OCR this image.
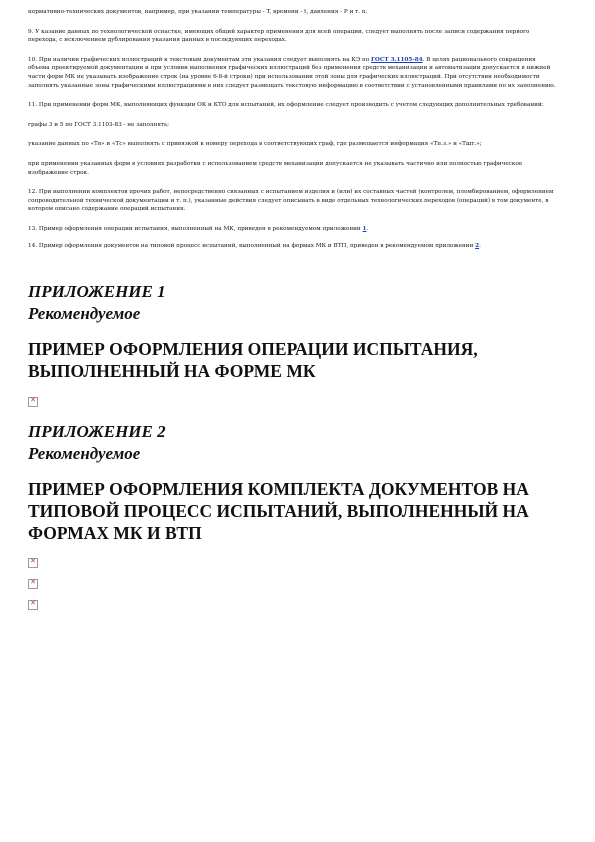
нормативно-технических документов, например, при указании температуры - T, времени - t, давления - P и т. п.

9. У казание данных по технологической оснастке, имеющих общий характер применения для всей операции, следует выполнять после записи содержания первого перехода, с исключением дублирования указания данных в последующих переходах.

10. При наличии графических иллюстраций к текстовым документам эти указания следует выполнять на КЭ по ГОСТ 3.1105-84. В целях рационального сокращения объема проектируемой документации и при условии выполнения графических иллюстраций без применения средств механизации и автоматизации допускается в нижней части форм МК не указывать изображение строк (на уровне 6-8-й строки) при использовании этой зоны для графических иллюстраций. При отсутствии необходимости заполнять указанные зоны графическими иллюстрациями в них следует размещать текстовую информацию в соответствии с установленными правилами по их заполнению.

11. При применении форм МК, выполняющих функции ОК и КТО для испытаний, их оформление следует производить с учетом следующих дополнительных требований:

графы 3 и 5 по ГОСТ 3.1103-83 - не заполнять;

указание данных по «Тв» и «Тс» выполнять с привязкой к номеру перехода в соответствующих граф, где размещается информация «Тп.з.» и «Тшт.»;

при применении указанных форм в условиях разработки с использованием средств механизации допускается не указывать частично или полностью графическое изображение строк.

12. При выполнении комплектов прочих работ, непосредственно связанных с испытанием изделия и (или) их составных частей (контролем, пломбированием, оформлением сопроводительной технической документации и т. п.), указанные действия следует описывать в виде отдельных технологических переходов (операций) в том документе, в котором описано содержание операций испытания.

13. Пример оформления операции испытания, выполненный на МК, приведен в рекомендуемом приложении 1.

14. Пример оформления документов на типовой процесс испытаний, выполненный на формах МК и ВТП, приведен в рекомендуемом приложении 2.

ПРИЛОЖЕНИЕ 1
Рекомендуемое
ПРИМЕР ОФОРМЛЕНИЯ ОПЕРАЦИИ ИСПЫТАНИЯ, ВЫПОЛНЕННЫЙ НА ФОРМЕ МК
✕
ПРИЛОЖЕНИЕ 2
Рекомендуемое
ПРИМЕР ОФОРМЛЕНИЯ КОМПЛЕКТА ДОКУМЕНТОВ НА ТИПОВОЙ ПРОЦЕСС ИСПЫТАНИЙ, ВЫПОЛНЕННЫЙ НА ФОРМАХ МК И ВТП
✕
✕
✕
